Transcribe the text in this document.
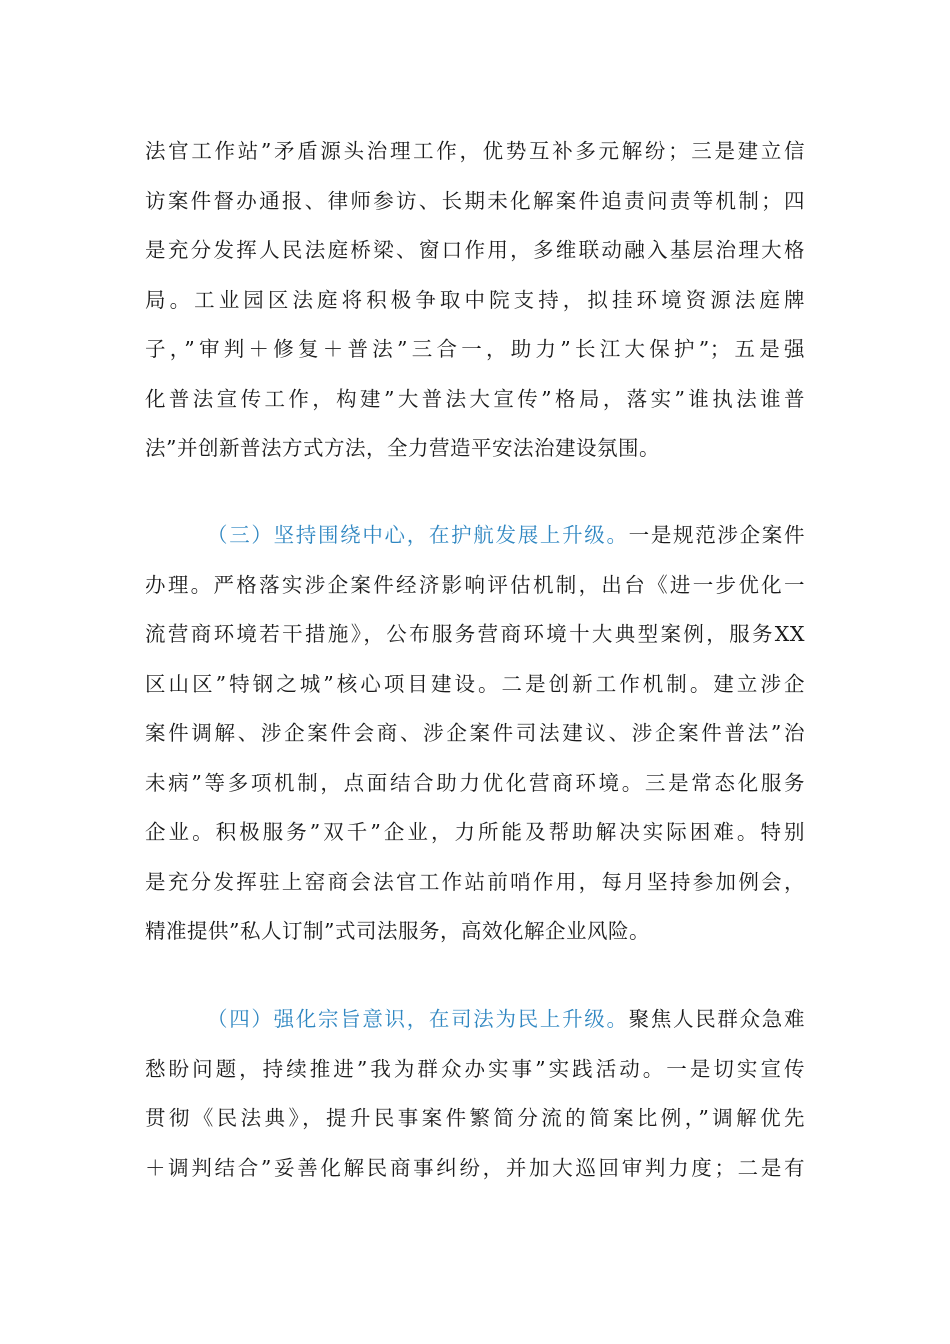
法官工作站”矛盾源头治理工作，优势互补多元解纷；三是建立信
访案件督办通报、律师参访、长期未化解案件追责问责等机制；四
是充分发挥人民法庭桥梁、窗口作用，多维联动融入基层治理大格
局。工业园区法庭将积极争取中院支持，拟挂环境资源法庭牌
子，”审判＋修复＋普法”三合一，助力”长江大保护”；五是强
化普法宣传工作，构建”大普法大宣传”格局，落实”谁执法谁普
法”并创新普法方式方法，全力营造平安法治建设氛围。
（三）坚持围绕中心，在护航发展上升级。一是规范涉企案件
办理。严格落实涉企案件经济影响评估机制，出台《进一步优化一
流营商环境若干措施》，公布服务营商环境十大典型案例，服务XX
区山区”特钢之城”核心项目建设。二是创新工作机制。建立涉企
案件调解、涉企案件会商、涉企案件司法建议、涉企案件普法”治
未病”等多项机制，点面结合助力优化营商环境。三是常态化服务
企业。积极服务”双千”企业，力所能及帮助解决实际困难。特别
是充分发挥驻上窑商会法官工作站前哨作用，每月坚持参加例会，
精准提供”私人订制”式司法服务，高效化解企业风险。
（四）强化宗旨意识，在司法为民上升级。聚焦人民群众急难
愁盼问题，持续推进”我为群众办实事”实践活动。一是切实宣传
贯彻《民法典》，提升民事案件繁简分流的简案比例，”调解优先
＋调判结合”妥善化解民商事纠纷，并加大巡回审判力度；二是有
